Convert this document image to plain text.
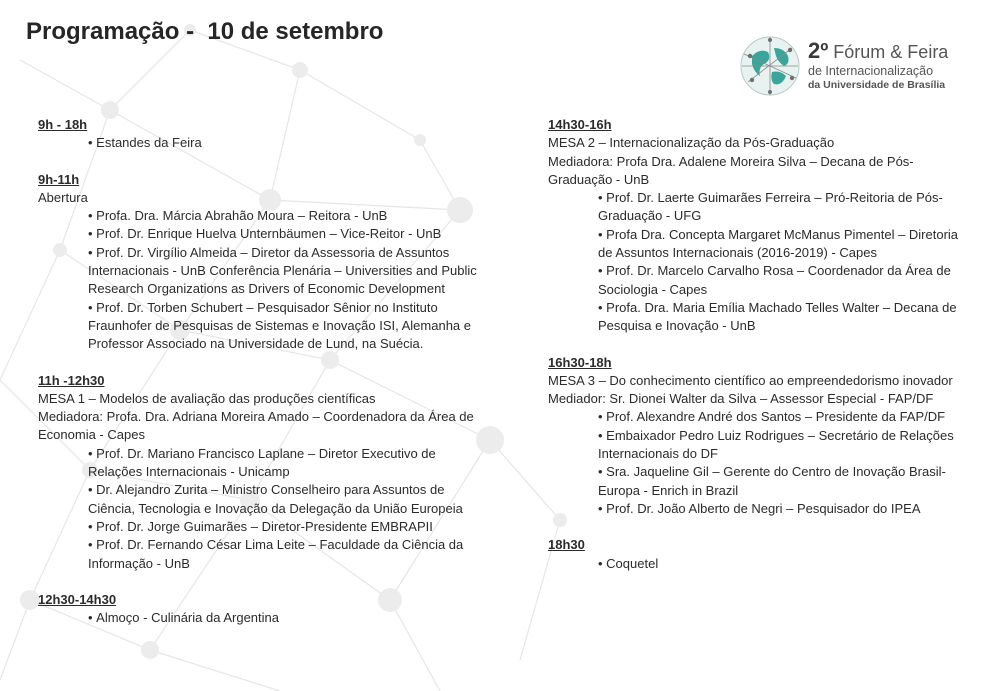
Programação -  10 de setembro
2º Fórum & Feira
de Internacionalização
da Universidade de Brasília
9h - 18h
• Estandes da Feira
9h-11h
Abertura
• Profa. Dra. Márcia Abrahão Moura – Reitora - UnB
• Prof. Dr. Enrique Huelva Unternbäumen – Vice-Reitor - UnB
• Prof. Dr. Virgílio Almeida – Diretor da Assessoria de Assuntos Internacionais - UnB Conferência Plenária – Universities and Public Research Organizations as Drivers of Economic Development
• Prof. Dr. Torben Schubert – Pesquisador Sênior no Instituto Fraunhofer de Pesquisas de Sistemas e Inovação ISI, Alemanha e Professor Associado na Universidade de Lund, na Suécia.
11h -12h30
MESA 1 – Modelos de avaliação das produções científicas
Mediadora: Profa. Dra. Adriana Moreira Amado – Coordenadora da Área de Economia - Capes
• Prof. Dr. Mariano Francisco Laplane – Diretor Executivo de Relações Internacionais - Unicamp
• Dr. Alejandro Zurita – Ministro Conselheiro para Assuntos de Ciência, Tecnologia e Inovação da Delegação da União Europeia
• Prof. Dr. Jorge Guimarães – Diretor-Presidente EMBRAPII
• Prof. Dr. Fernando César Lima Leite – Faculdade da Ciência da Informação - UnB
12h30-14h30
• Almoço - Culinária da Argentina
14h30-16h
MESA 2 – Internacionalização da Pós-Graduação
Mediadora: Profa Dra. Adalene Moreira Silva – Decana de Pós-Graduação - UnB
• Prof. Dr. Laerte Guimarães Ferreira – Pró-Reitoria de Pós-Graduação - UFG
• Profa Dra. Concepta Margaret McManus Pimentel – Diretoria de Assuntos Internacionais (2016-2019) - Capes
• Prof. Dr. Marcelo Carvalho Rosa – Coordenador da Área de Sociologia - Capes
• Profa. Dra. Maria Emília Machado Telles Walter – Decana de Pesquisa e Inovação - UnB
16h30-18h
MESA 3 – Do conhecimento científico ao empreendedorismo inovador
Mediador: Sr. Dionei Walter da Silva – Assessor Especial - FAP/DF
• Prof. Alexandre André dos Santos – Presidente da FAP/DF
• Embaixador Pedro Luiz Rodrigues – Secretário de Relações Internacionais do DF
• Sra. Jaqueline Gil – Gerente do Centro de Inovação Brasil-Europa - Enrich in Brazil
• Prof. Dr. João Alberto de Negri – Pesquisador do IPEA
18h30
• Coquetel
